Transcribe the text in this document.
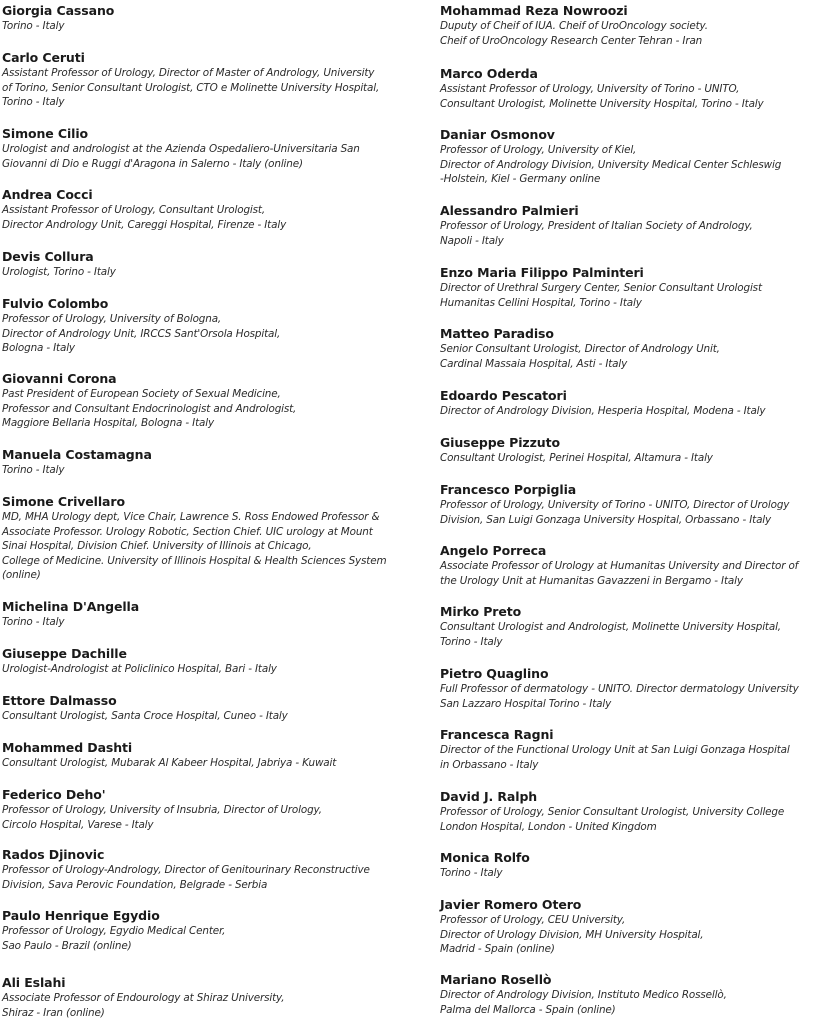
Giorgia Cassano
Torino - Italy
Carlo Ceruti
Assistant Professor of Urology, Director of Master of Andrology, University
of Torino, Senior Consultant Urologist, CTO e Molinette University Hospital,
Torino - Italy
Simone Cilio
Urologist and andrologist at the Azienda Ospedaliero-Universitaria San
Giovanni di Dio e Ruggi d'Aragona in Salerno - Italy (online)
Andrea Cocci
Assistant Professor of Urology, Consultant Urologist,
Director Andrology Unit, Careggi Hospital, Firenze - Italy
Devis Collura
Urologist, Torino - Italy
Fulvio Colombo
Professor of Urology, University of Bologna,
Director of Andrology Unit, IRCCS Sant'Orsola Hospital,
Bologna - Italy
Giovanni Corona
Past President of European Society of Sexual Medicine,
Professor and Consultant Endocrinologist and Andrologist,
Maggiore Bellaria Hospital, Bologna - Italy
Manuela Costamagna
Torino - Italy
Simone Crivellaro
MD, MHA Urology dept, Vice Chair, Lawrence S. Ross Endowed Professor &
Associate Professor. Urology Robotic, Section Chief. UIC urology at Mount
Sinai Hospital, Division Chief. University of Illinois at Chicago,
College of Medicine. University of Illinois Hospital & Health Sciences System
(online)
Michelina D'Angella
Torino - Italy
Giuseppe Dachille
Urologist-Andrologist at Policlinico Hospital, Bari - Italy
Ettore Dalmasso
Consultant Urologist, Santa Croce Hospital, Cuneo - Italy
Mohammed Dashti
Consultant Urologist, Mubarak Al Kabeer Hospital, Jabriya - Kuwait
Federico Deho'
Professor of Urology, University of Insubria, Director of Urology,
Circolo Hospital, Varese - Italy
Rados Djinovic
Professor of Urology-Andrology, Director of Genitourinary Reconstructive
Division, Sava Perovic Foundation, Belgrade - Serbia
Paulo Henrique Egydio
Professor of Urology, Egydio Medical Center,
Sao Paulo - Brazil (online)
Ali Eslahi
Associate Professor of Endourology at Shiraz University,
Shiraz - Iran (online)
Mohammad Reza Nowroozi
Duputy of Cheif of IUA. Cheif of UroOncology society.
Cheif of UroOncology Research Center Tehran - Iran
Marco Oderda
Assistant Professor of Urology, University of Torino - UNITO,
Consultant Urologist, Molinette University Hospital, Torino - Italy
Daniar Osmonov
Professor of Urology, University of Kiel,
Director of Andrology Division, University Medical Center Schleswig
-Holstein, Kiel - Germany online
Alessandro Palmieri
Professor of Urology, President of Italian Society of Andrology,
Napoli - Italy
Enzo Maria Filippo Palminteri
Director of Urethral Surgery Center, Senior Consultant Urologist
Humanitas Cellini Hospital, Torino - Italy
Matteo Paradiso
Senior Consultant Urologist, Director of Andrology Unit,
Cardinal Massaia Hospital, Asti - Italy
Edoardo Pescatori
Director of Andrology Division, Hesperia Hospital, Modena - Italy
Giuseppe Pizzuto
Consultant Urologist, Perinei Hospital, Altamura - Italy
Francesco Porpiglia
Professor of Urology, University of Torino - UNITO, Director of Urology
Division, San Luigi Gonzaga University Hospital, Orbassano - Italy
Angelo Porreca
Associate Professor of Urology at Humanitas University and Director of
the Urology Unit at Humanitas Gavazzeni in Bergamo - Italy
Mirko Preto
Consultant Urologist and Andrologist, Molinette University Hospital,
Torino - Italy
Pietro Quaglino
Full Professor of dermatology - UNITO. Director dermatology University
San Lazzaro Hospital Torino - Italy
Francesca Ragni
Director of the Functional Urology Unit at San Luigi Gonzaga Hospital
in Orbassano - Italy
David J. Ralph
Professor of Urology, Senior Consultant Urologist, University College
London Hospital, London - United Kingdom
Monica Rolfo
Torino - Italy
Javier Romero Otero
Professor of Urology, CEU University,
Director of Urology Division, MH University Hospital,
Madrid - Spain (online)
Mariano Rosellò
Director of Andrology Division, Instituto Medico Rossellò,
Palma del Mallorca - Spain (online)
